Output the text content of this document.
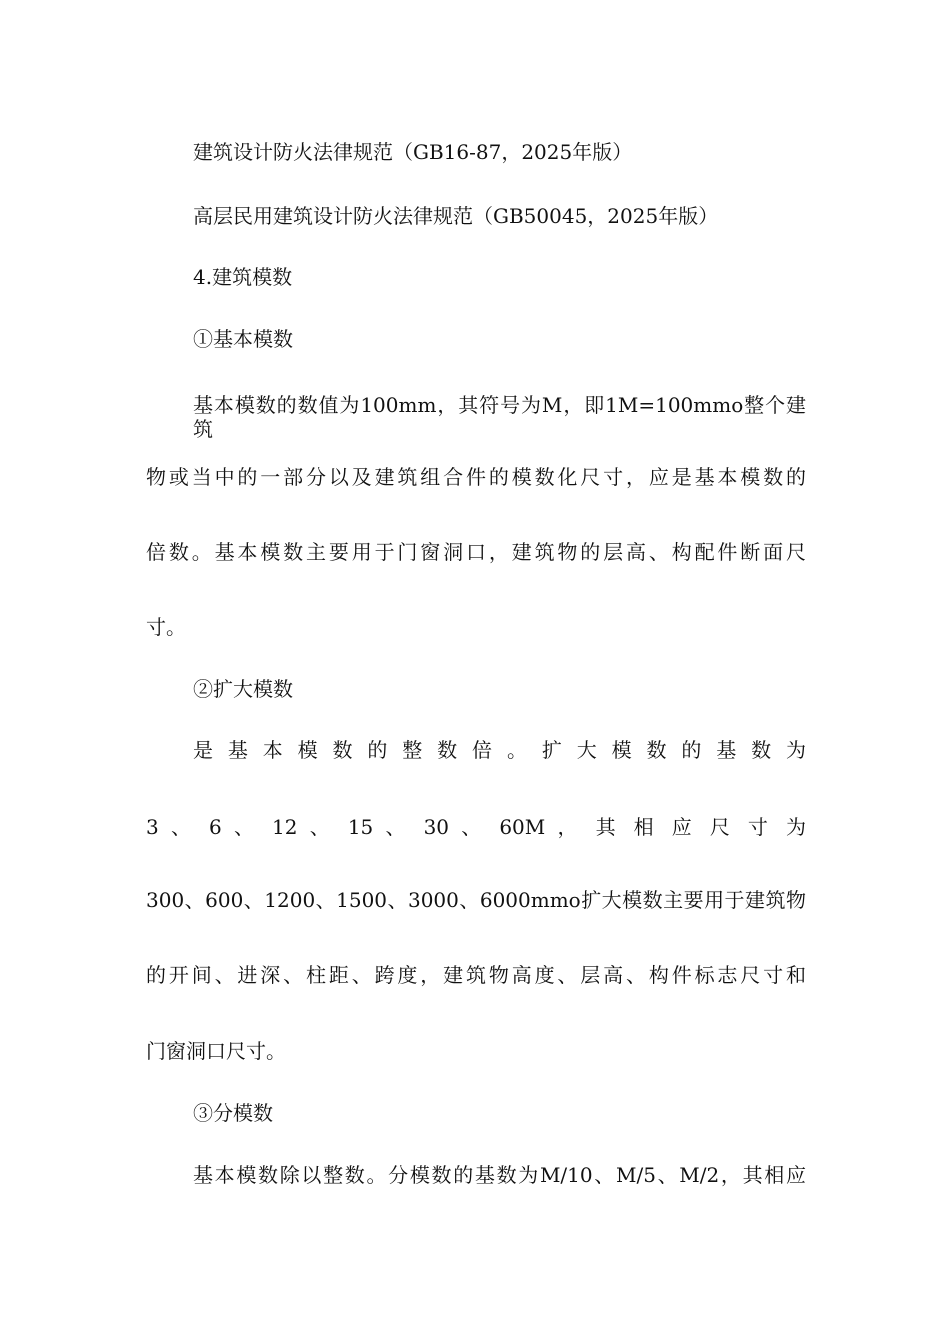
建筑设计防火法律规范（GB16-87，2025年版）
高层民用建筑设计防火法律规范（GB50045，2025年版）
4.建筑模数
①基本模数
基本模数的数值为100mm，其符号为M，即1M=100mmo整个建筑
物或当中的一部分以及建筑组合件的模数化尺寸，应是基本模数的
倍数。基本模数主要用于门窗洞口，建筑物的层高、构配件断面尺
寸。
②扩大模数
是基本模数的整数倍。扩大模数的基数为
3 、 6 、 12 、 15 、 30 、 60M ， 其 相 应 尺 寸 为
300、600、1200、1500、3000、6000mmo扩大模数主要用于建筑物
的开间、进深、柱距、跨度，建筑物高度、层高、构件标志尺寸和
门窗洞口尺寸。
③分模数
基本模数除以整数。分模数的基数为M/10、M/5、M/2，其相应
